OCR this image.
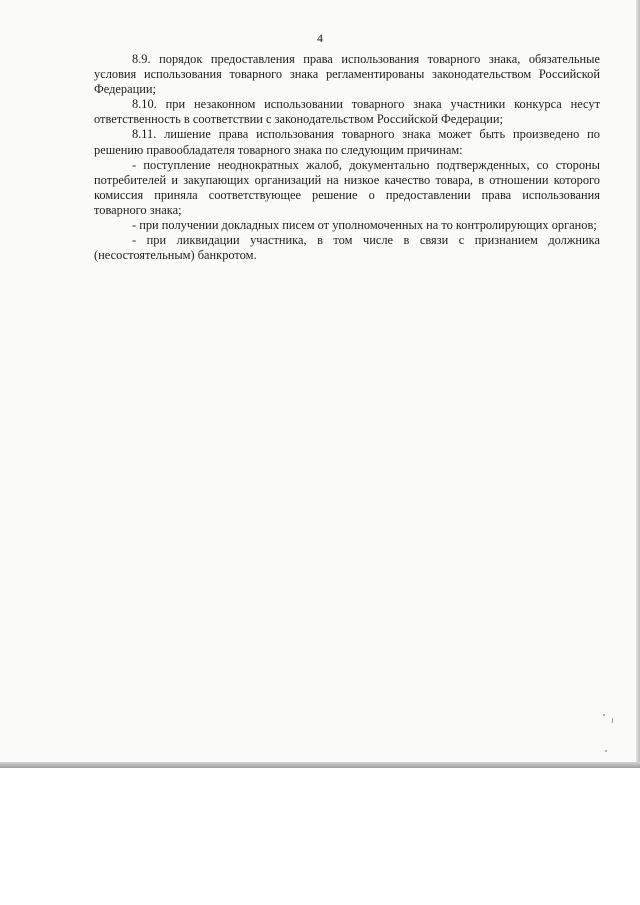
4

8.9. порядок предоставления права использования товарного знака, обязательные условия использования товарного знака регламентированы законодательством Российской Федерации;

8.10. при незаконном использовании товарного знака участники конкурса несут ответственность в соответствии с законодательством Российской Федерации;

8.11. лишение права использования товарного знака может быть произведено по решению правообладателя товарного знака по следующим причинам:

- поступление неоднократных жалоб, документально подтвержденных, со стороны потребителей и закупающих организаций на низкое качество товара, в отношении которого комиссия приняла соответствующее решение о предоставлении права использования товарного знака;

- при получении докладных писем от уполномоченных на то контролирующих органов;

- при ликвидации участника, в том числе в связи с признанием должника (несостоятельным) банкротом.
